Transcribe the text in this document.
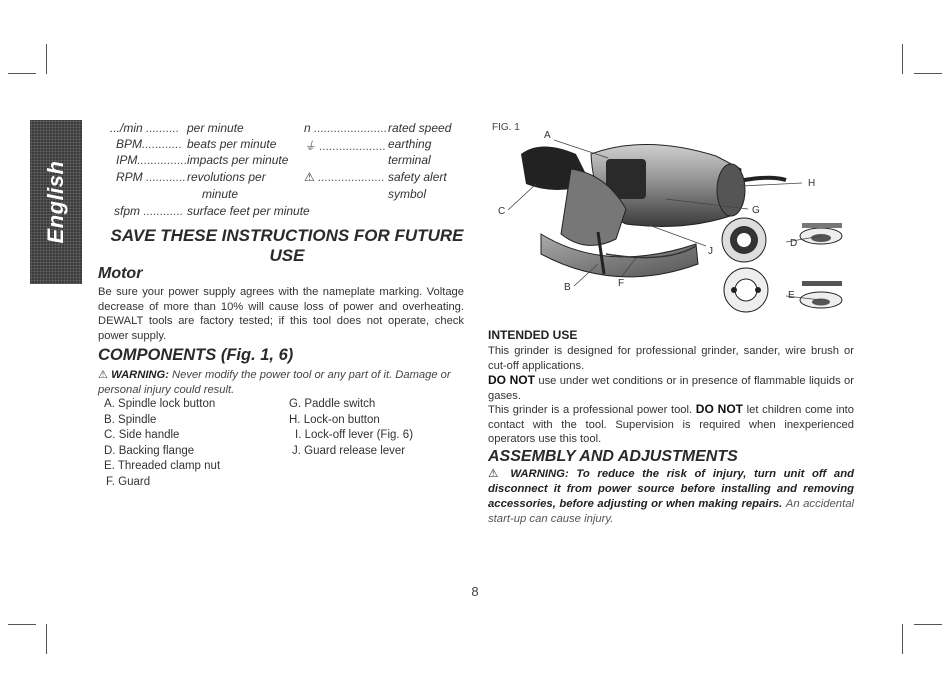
English
.../min .......... per minute
BPM............ beats per minute
IPM............... impacts per minute
RPM ............ revolutions per
minute
sfpm ............ surface feet per minute
n ...................... rated speed
⏚ .................... earthing
terminal
⚠ .................... safety alert
symbol
SAVE THESE INSTRUCTIONS FOR FUTURE USE
Motor

Be sure your power supply agrees with the nameplate marking. Voltage decrease of more than 10% will cause loss of power and overheating. DEWALT tools are factory tested; if this tool does not operate, check power supply.

COMPONENTS (Fig. 1, 6)

⚠ WARNING: Never modify the power tool or any part of it. Damage or personal injury could result.

A. Spindle lock button
B. Spindle
C. Side handle
D. Backing flange
E. Threaded clamp nut
F. Guard
G. Paddle switch
H. Lock-on button
I. Lock-off lever (Fig. 6)
J. Guard release lever
FIG. 1
A
B
C
D
E
F
G
H
J
INTENDED USE

This grinder is designed for professional grinder, sander, wire brush or cut-off applications.

DO NOT use under wet conditions or in presence of flammable liquids or gases.

This grinder is a professional power tool. DO NOT let children come into contact with the tool. Supervision is required when inexperienced operators use this tool.

ASSEMBLY AND ADJUSTMENTS
⚠ WARNING: To reduce the risk of injury, turn unit off and disconnect it from power source before installing and removing accessories, before adjusting or when making repairs. An accidental start-up can cause injury.
8
